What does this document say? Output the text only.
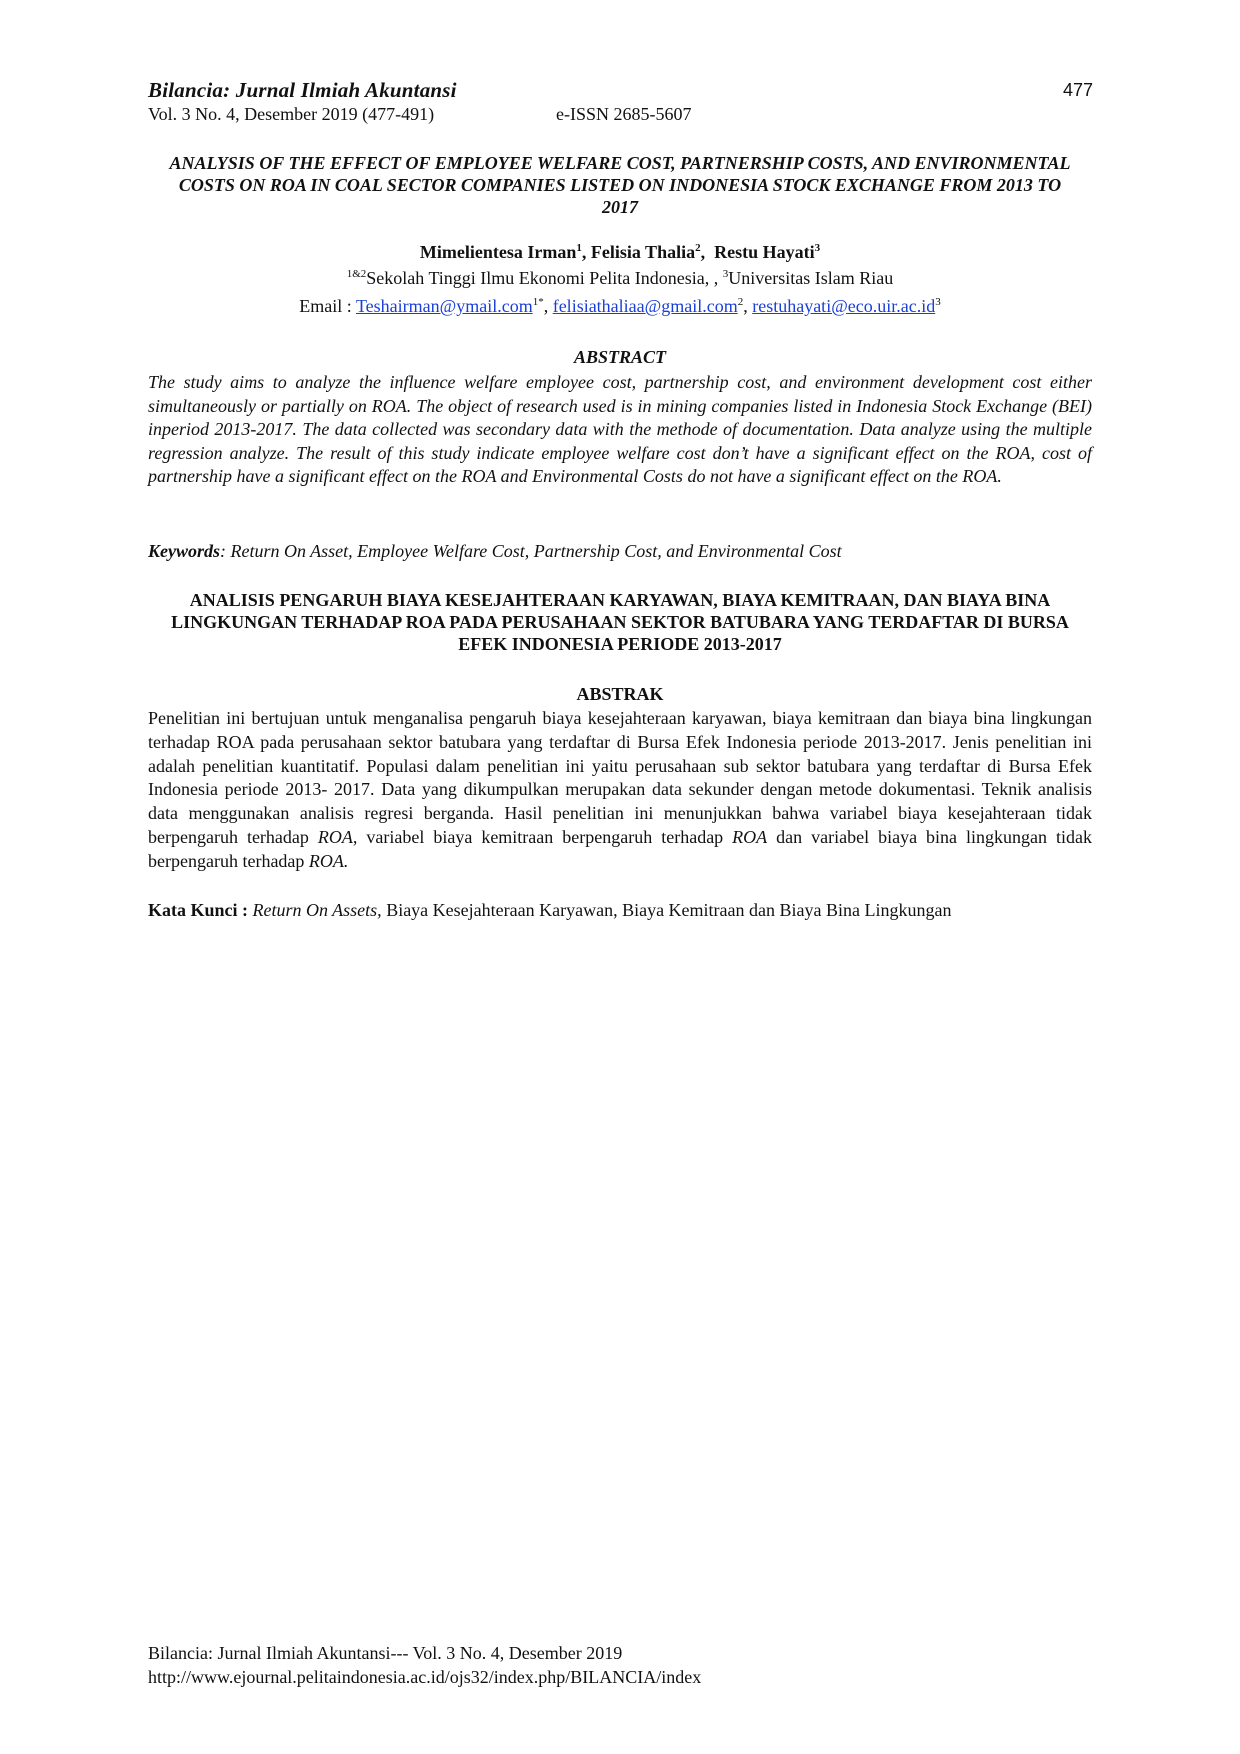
Bilancia: Jurnal Ilmiah Akuntansi	477
Vol. 3 No. 4, Desember 2019 (477-491)	e-ISSN 2685-5607
ANALYSIS OF THE EFFECT OF EMPLOYEE WELFARE COST, PARTNERSHIP COSTS, AND ENVIRONMENTAL COSTS ON ROA IN COAL SECTOR COMPANIES LISTED ON INDONESIA STOCK EXCHANGE FROM 2013 TO 2017
Mimelientesa Irman$^1$, Felisia Thalia$^2$,  Restu Hayati$^3$
$^{1\&2}$Sekolah Tinggi Ilmu Ekonomi Pelita Indonesia, , $^3$Universitas Islam Riau
Email : Teshairman@ymail.com$^{1*}$, felisiathaliaa@gmail.com$^2$, $restuhayati@eco.uir.ac.id^3$
ABSTRACT
The study aims to analyze the influence welfare employee cost, partnership cost, and environment development cost either simultaneously or partially on ROA. The object of research used is in mining companies listed in Indonesia Stock Exchange (BEI) inperiod 2013-2017. The data collected was secondary data with the methode of documentation. Data analyze using the multiple regression analyze. The result of this study indicate employee welfare cost don’t have a significant effect on the ROA, cost of partnership have a significant effect on the ROA and Environmental Costs do not have a significant effect on the ROA.
Keywords: Return On Asset, Employee Welfare Cost, Partnership Cost, and Environmental Cost
ANALISIS PENGARUH BIAYA KESEJAHTERAAN KARYAWAN, BIAYA KEMITRAAN, DAN BIAYA BINA LINGKUNGAN TERHADAP ROA PADA PERUSAHAAN SEKTOR BATUBARA YANG TERDAFTAR DI BURSA EFEK INDONESIA PERIODE 2013-2017
ABSTRAK
Penelitian ini bertujuan untuk menganalisa pengaruh biaya kesejahteraan karyawan, biaya kemitraan dan biaya bina lingkungan terhadap ROA pada perusahaan sektor batubara yang terdaftar di Bursa Efek Indonesia periode 2013-2017. Jenis penelitian ini adalah penelitian kuantitatif. Populasi dalam penelitian ini yaitu perusahaan sub sektor batubara yang terdaftar di Bursa Efek Indonesia periode 2013- 2017. Data yang dikumpulkan merupakan data sekunder dengan metode dokumentasi. Teknik analisis data menggunakan analisis regresi berganda. Hasil penelitian ini menunjukkan bahwa variabel biaya kesejahteraan tidak berpengaruh terhadap ROA, variabel biaya kemitraan berpengaruh terhadap ROA dan variabel biaya bina lingkungan tidak berpengaruh terhadap ROA.
Kata Kunci : Return On Assets, Biaya Kesejahteraan Karyawan, Biaya Kemitraan dan Biaya Bina Lingkungan
Bilancia: Jurnal Ilmiah Akuntansi--- Vol. 3 No. 4, Desember 2019
http://www.ejournal.pelitaindonesia.ac.id/ojs32/index.php/BILANCIA/index
